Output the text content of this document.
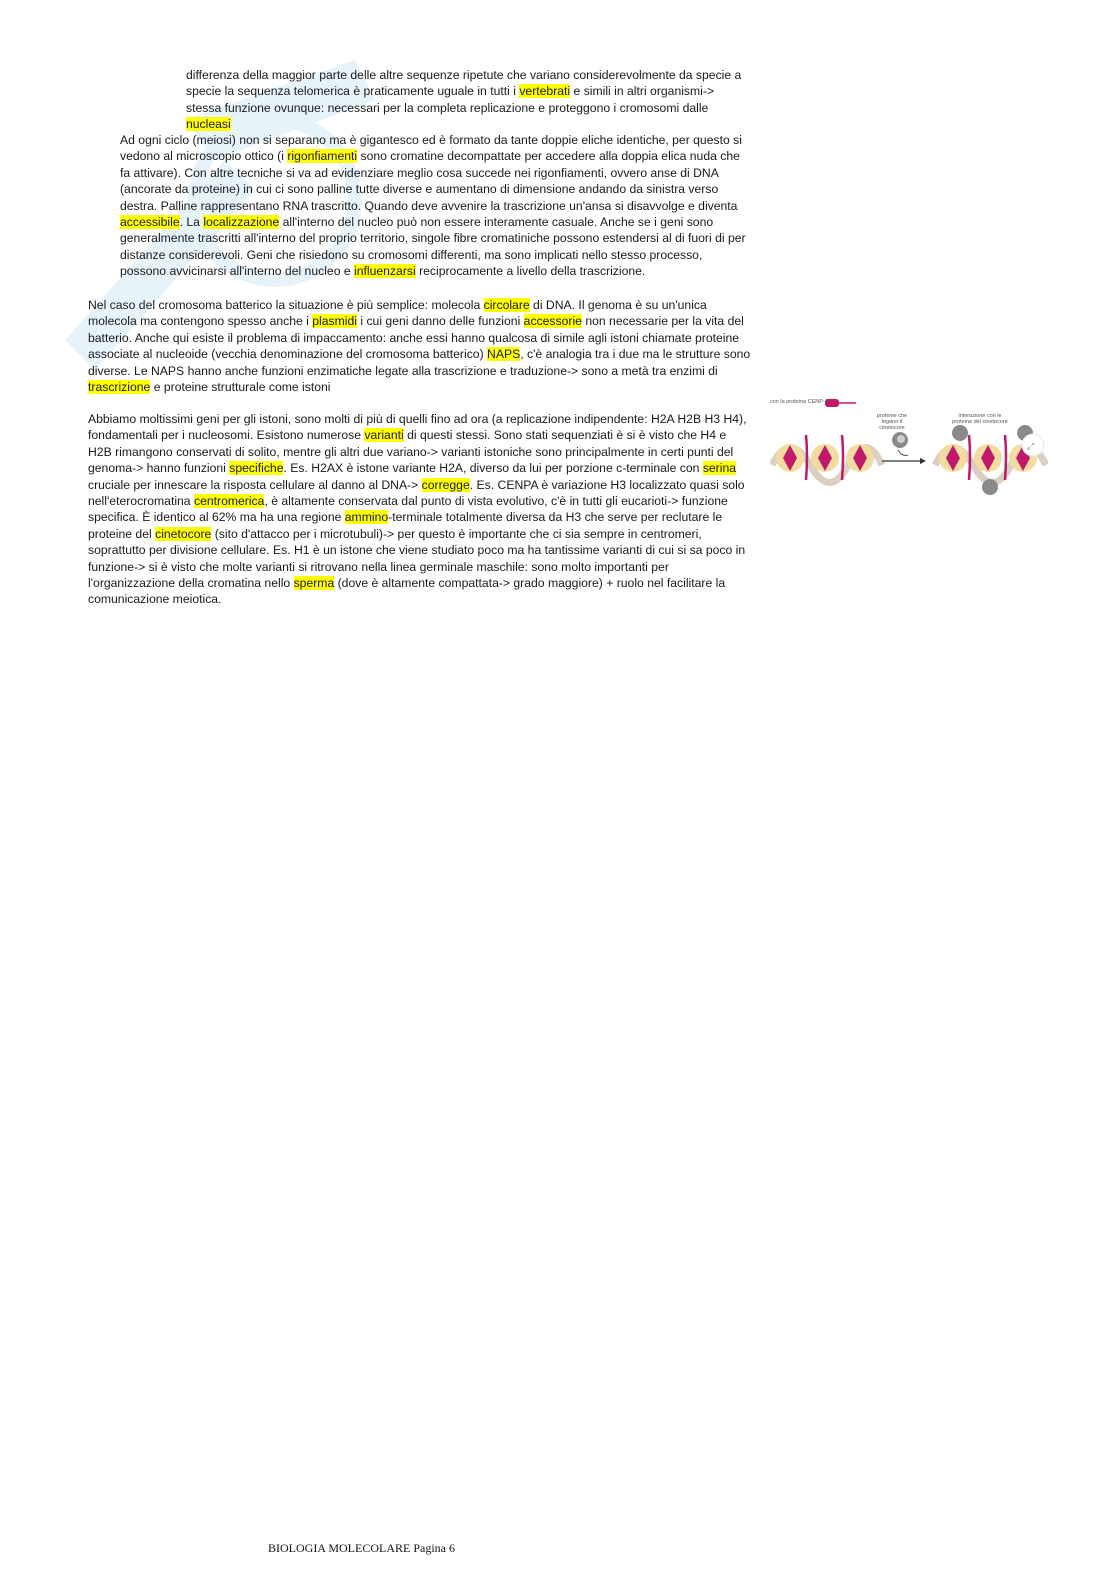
differenza della maggior parte delle altre sequenze ripetute che variano considerevolmente da specie a specie la sequenza telomerica è praticamente uguale in tutti i vertebrati e simili in altri organismi-> stessa funzione ovunque: necessari per la completa replicazione e proteggono i cromosomi dalle nucleasi

Ad ogni ciclo (meiosi) non si separano ma è gigantesco ed è formato da tante doppie eliche identiche, per questo si vedono al microscopio ottico (i rigonfiamenti sono cromatine decompattate per accedere alla doppia elica nuda che fa attivare). Con altre tecniche si va ad evidenziare meglio cosa succede nei rigonfiamenti, ovvero anse di DNA (ancorate da proteine) in cui ci sono palline tutte diverse e aumentano di dimensione andando da sinistra verso destra. Palline rappresentano RNA trascritto. Quando deve avvenire la trascrizione un'ansa si disavvolge e diventa accessibile. La localizzazione all'interno del nucleo può non essere interamente casuale. Anche se i geni sono generalmente trascritti all'interno del proprio territorio, singole fibre cromatiniche possono estendersi al di fuori di per distanze considerevoli. Geni che risiedono su cromosomi differenti, ma sono implicati nello stesso processo, possono avvicinarsi all'interno del nucleo e influenzarsi reciprocamente a livello della trascrizione.

Nel caso del cromosoma batterico la situazione è più semplice: molecola circolare di DNA. Il genoma è su un'unica molecola ma contengono spesso anche i plasmidi i cui geni danno delle funzioni accessorie non necessarie per la vita del batterio. Anche qui esiste il problema di impaccamento: anche essi hanno qualcosa di simile agli istoni chiamate proteine associate al nucleoide (vecchia denominazione del cromosoma batterico) NAPS, c'è analogia tra i due ma le strutture sono diverse. Le NAPS hanno anche funzioni enzimatiche legate alla trascrizione e traduzione-> sono a metà tra enzimi di trascrizione e proteine strutturale come istoni

Abbiamo moltissimi geni per gli istoni, sono molti di più di quelli fino ad ora (a replicazione indipendente: H2A H2B H3 H4), fondamentali per i nucleosomi. Esistono numerose varianti di questi stessi. Sono stati sequenziati è si è visto che H4 e H2B rimangono conservati di solito, mentre gli altri due variano-> varianti istoniche sono principalmente in certi punti del genoma-> hanno funzioni specifiche. Es. H2AX è istone variante H2A, diverso da lui per porzione c-terminale con serina cruciale per innescare la risposta cellulare al danno al DNA-> corregge. Es. CENPA è variazione H3 localizzato quasi solo nell'eterocromatina centromerica, è altamente conservata dal punto di vista evolutivo, c'è in tutti gli eucarioti-> funzione specifica. È identico al 62% ma ha una regione ammino-terminale totalmente diversa da H3 che serve per reclutare le proteine del cinetocore (sito d'attacco per i microtubuli)-> per questo è importante che ci sia sempre in centromeri, soprattutto per divisione cellulare. Es. H1 è un istone che viene studiato poco ma ha tantissime varianti di cui si sa poco in funzione-> si è visto che molte varianti si ritrovano nella linea germinale maschile: sono molto importanti per l'organizzazione della cromatina nello sperma (dove è altamente compattata-> grado maggiore) + ruolo nel facilitare la comunicazione meiotica.

con la proteina CENP-A
proteine che legano il cinetocore
interazione con le proteine del cinetocore
⤢
BIOLOGIA MOLECOLARE Pagina 6
